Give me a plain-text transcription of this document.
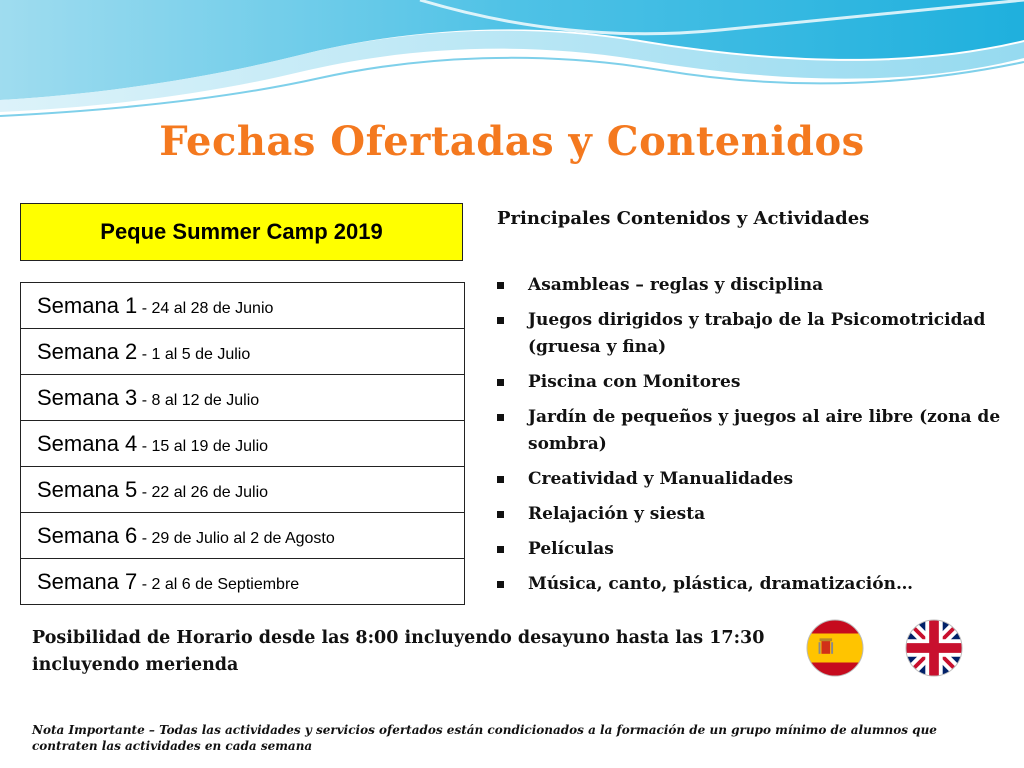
Fechas Ofertadas y Contenidos
Peque Summer Camp 2019
Semana 1 - 24 al 28 de Junio
Semana 2 - 1 al 5 de Julio
Semana 3 - 8 al 12 de Julio
Semana 4 - 15 al 19 de Julio
Semana 5 - 22 al 26 de Julio
Semana 6 - 29 de Julio al 2 de Agosto
Semana 7 - 2 al 6 de Septiembre
Principales Contenidos y Actividades
Asambleas – reglas y disciplina
Juegos dirigidos y trabajo de la Psicomotricidad (gruesa y fina)
Piscina con Monitores
Jardín de pequeños y juegos al aire libre (zona de sombra)
Creatividad y Manualidades
Relajación y siesta
Películas
Música, canto, plástica, dramatización…
Posibilidad de Horario desde las 8:00 incluyendo desayuno hasta las 17:30 incluyendo merienda
Nota Importante – Todas las actividades y servicios ofertados están condicionados a la formación de un grupo mínimo de alumnos que contraten las actividades en cada semana
